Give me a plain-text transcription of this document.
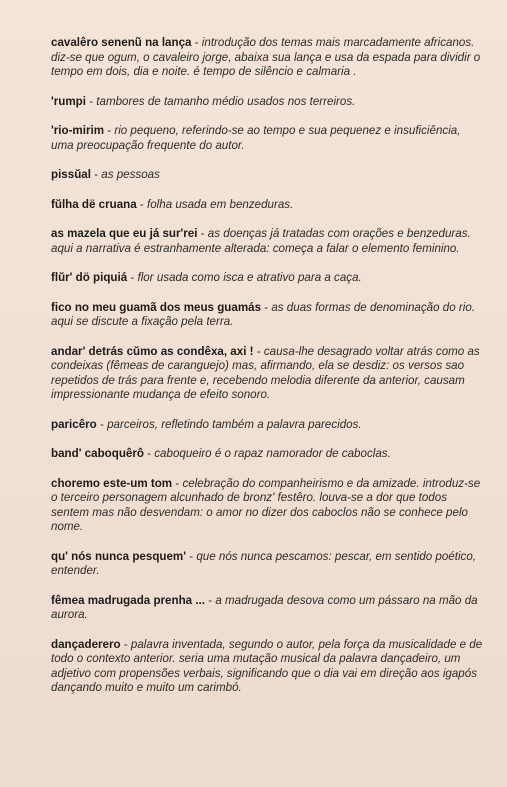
cavalêro senenũ na lança - introdução dos temas mais marcadamente africanos. diz-se que ogum, o cavaleiro jorge, abaixa sua lança e usa da espada para dividir o tempo em dois, dia e noite. é tempo de silêncio e calmaria .

'rumpi - tambores de tamanho médio usados nos terreiros.

'rio-mirim - rio pequeno, referindo-se ao tempo e sua pequenez e insuficiência, uma preocupação frequente do autor.

pissŭal - as pessoas

fŭlha dë cruana - folha usada em benzeduras.

as mazela que eu já sur'rei - as doenças já tratadas com orações e benzeduras. aqui a narrativa é estranhamente alterada: começa a falar o elemento feminino.

flŭr' dö piquiá - flor usada como isca e atrativo para a caça.

fico no meu guamã dos meus guamás - as duas formas de denominação do rio. aqui se discute a fixação pela terra.

andar' detrás cŭmo as condêxa, axi ! - causa-lhe desagrado voltar atrás como as condeixas (fêmeas de caranguejo) mas, afirmando, ela se desdiz: os versos sao repetidos de trás para frente e, recebendo melodia diferente da anterior, causam impressionante mudança de efeito sonoro.

paricêro - parceiros, refletindo também a palavra parecidos.

band' caboquêrô - caboqueiro é o rapaz namorador de caboclas.

choremo este-um tom - celebração do companheirismo e da amizade. introduz-se o terceiro personagem alcunhado de bronz' festêro. louva-se a dor que todos sentem mas não desvendam: o amor no dizer dos caboclos não se conhece pelo nome.

qu' nós nunca pesquem' - que nós nunca pescamos: pescar, em sentido poético, entender.

fêmea madrugada prenha ... - a madrugada desova como um pássaro na mão da aurora.

dançaderero - palavra inventada, segundo o autor, pela força da musicalidade e de todo o contexto anterior. seria uma mutação musical da palavra dançadeiro, um adjetivo com propensões verbais, significando que o dia vai em direção aos igapós dançando muito e muito um carimbó.
